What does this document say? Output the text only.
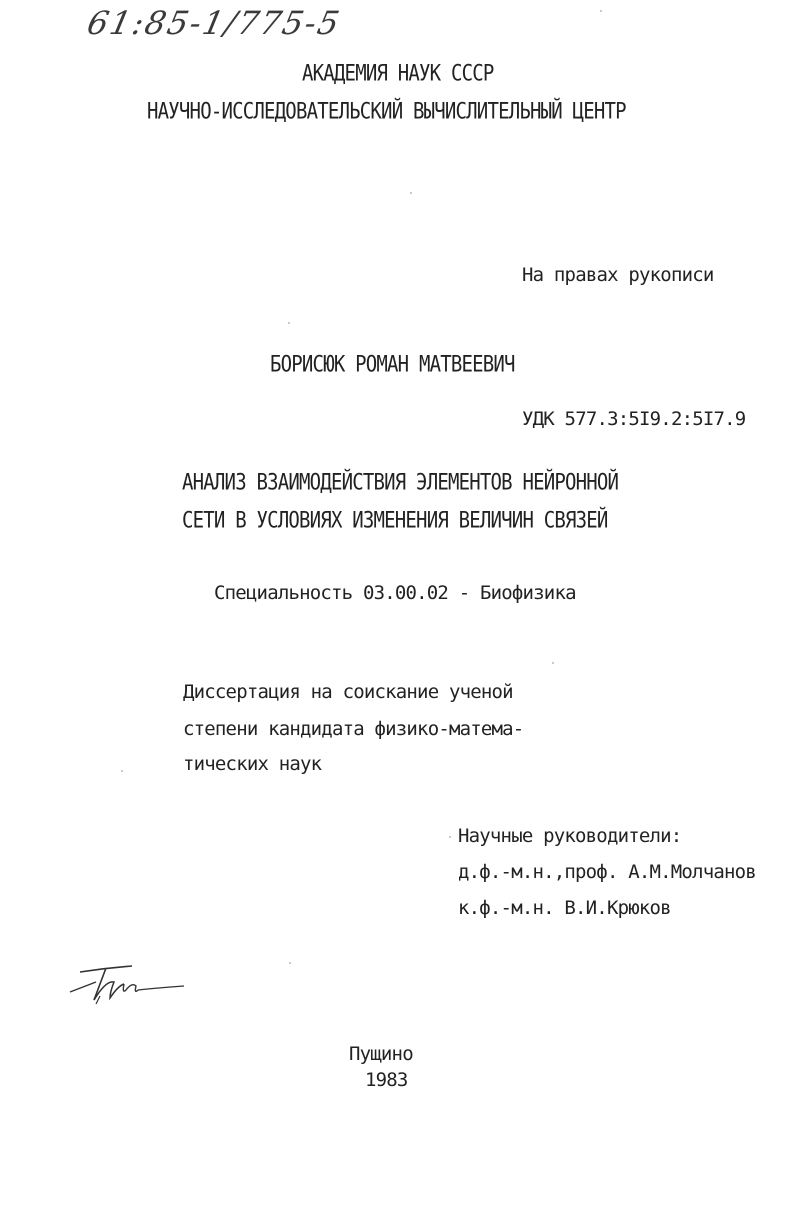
61:85-1/775-5
АКАДЕМИЯ НАУК СССР
НАУЧНО-ИССЛЕДОВАТЕЛЬСКИЙ ВЫЧИСЛИТЕЛЬНЫЙ ЦЕНТР
На правах рукописи
БОРИСЮК РОМАН МАТВЕЕВИЧ
УДК 577.3:5I9.2:5I7.9
АНАЛИЗ ВЗАИМОДЕЙСТВИЯ ЭЛЕМЕНТОВ НЕЙРОННОЙ
СЕТИ В УСЛОВИЯХ ИЗМЕНЕНИЯ ВЕЛИЧИН СВЯЗЕЙ
Специальность 03.00.02 - Биофизика
Диссертация на соискание ученой
степени кандидата физико-матема-
тических наук
Научные руководители:
д.ф.-м.н.,проф. А.М.Молчанов
к.ф.-м.н. В.И.Крюков
Пущино
1983
